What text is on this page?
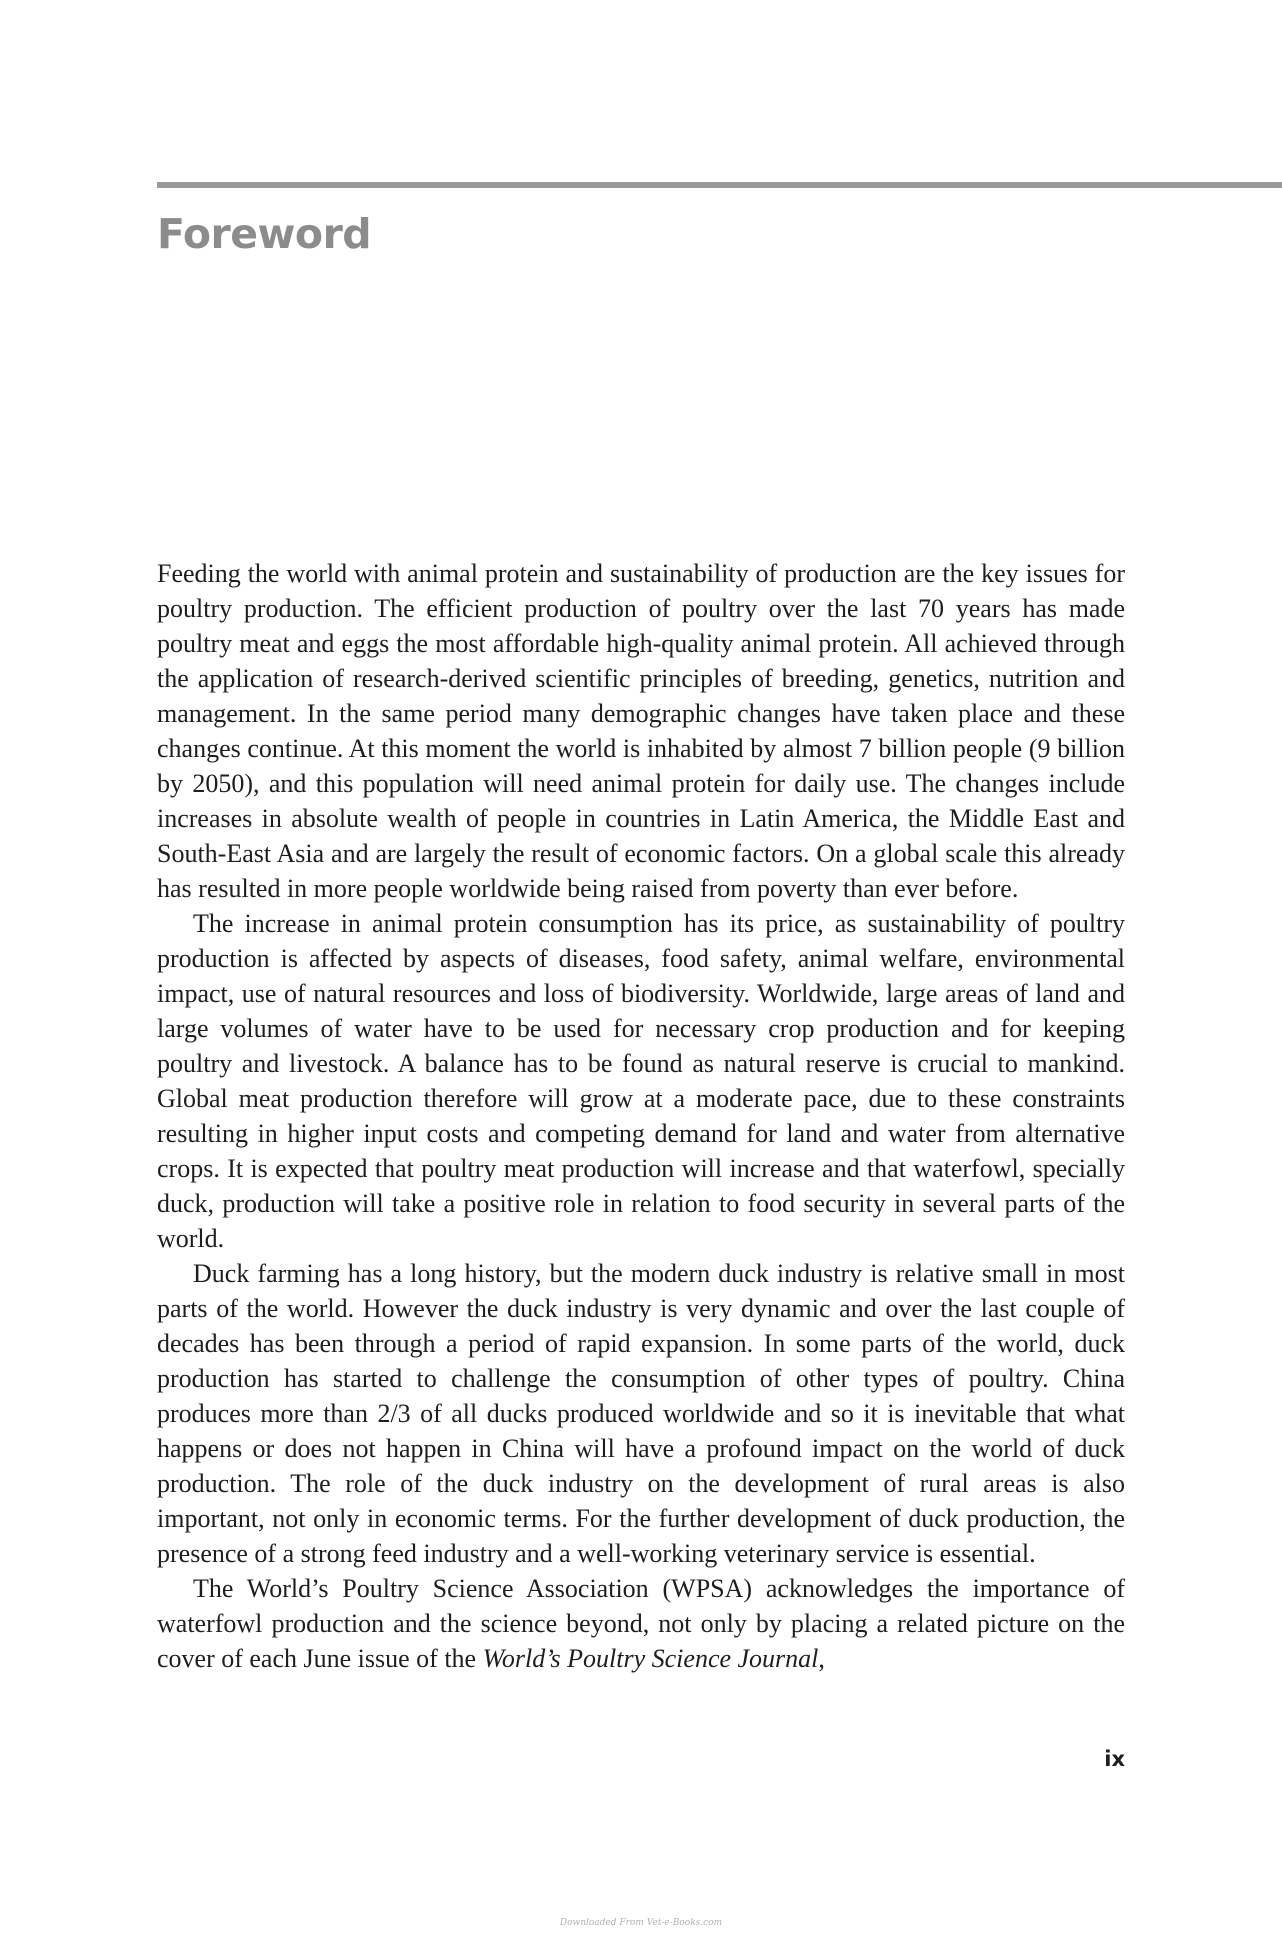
Foreword

Feeding the world with animal protein and sustainability of production are the key issues for poultry production. The efficient production of poultry over the last 70 years has made poultry meat and eggs the most affordable high-quality animal protein. All achieved through the application of research-derived scientific principles of breeding, genetics, nutrition and management. In the same period many demographic changes have taken place and these changes continue. At this moment the world is inhabited by almost 7 billion people (9 billion by 2050), and this population will need animal protein for daily use. The changes include increases in absolute wealth of people in countries in Latin America, the Middle East and South-East Asia and are largely the result of economic factors. On a global scale this already has resulted in more people worldwide being raised from poverty than ever before.

The increase in animal protein consumption has its price, as sustainability of poultry production is affected by aspects of diseases, food safety, animal welfare, environmental impact, use of natural resources and loss of biodiversity. Worldwide, large areas of land and large volumes of water have to be used for necessary crop production and for keeping poultry and livestock. A balance has to be found as natural reserve is crucial to mankind. Global meat production therefore will grow at a moderate pace, due to these constraints resulting in higher input costs and competing demand for land and water from alternative crops. It is expected that poultry meat production will increase and that waterfowl, specially duck, production will take a positive role in relation to food security in several parts of the world.

Duck farming has a long history, but the modern duck industry is relative small in most parts of the world. However the duck industry is very dynamic and over the last couple of decades has been through a period of rapid expansion. In some parts of the world, duck production has started to challenge the consumption of other types of poultry. China produces more than 2/3 of all ducks produced worldwide and so it is inevitable that what happens or does not happen in China will have a profound impact on the world of duck production. The role of the duck industry on the development of rural areas is also important, not only in economic terms. For the further development of duck production, the presence of a strong feed industry and a well-working veterinary service is essential.

The World’s Poultry Science Association (WPSA) acknowledges the importance of waterfowl production and the science beyond, not only by placing a related picture on the cover of each June issue of the World’s Poultry Science Journal,

ix
Downloaded From Vet-e-Books.com
